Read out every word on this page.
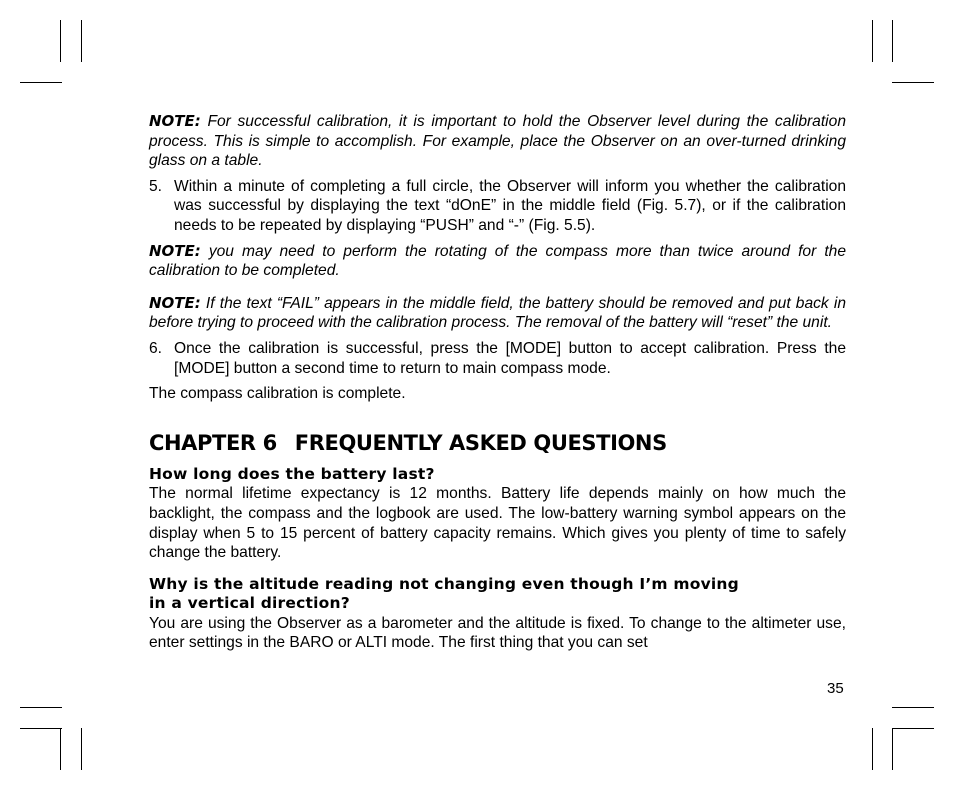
NOTE: For successful calibration, it is important to hold the Observer level during the calibration process. This is simple to accomplish. For example, place the Observer on an over-turned drinking glass on a table.

5. Within a minute of completing a full circle, the Observer will inform you whether the calibration was successful by displaying the text “dOnE” in the middle field (Fig. 5.7), or if the calibration needs to be repeated by displaying “PUSH” and “-” (Fig. 5.5).

NOTE: you may need to perform the rotating of the compass more than twice around for the calibration to be completed.

NOTE: If the text “FAIL” appears in the middle field, the battery should be removed and put back in before trying to proceed with the calibration process. The removal of the battery will “reset” the unit.

6. Once the calibration is successful, press the [MODE] button to accept calibration. Press the [MODE] button a second time to return to main compass mode.

The compass calibration is complete.

CHAPTER 6 FREQUENTLY ASKED QUESTIONS
How long does the battery last?

The normal lifetime expectancy is 12 months. Battery life depends mainly on how much the backlight, the compass and the logbook are used. The low-battery warning symbol appears on the display when 5 to 15 percent of battery capacity remains. Which gives you plenty of time to safely change the battery.

Why is the altitude reading not changing even though I’m moving
in a vertical direction?

You are using the Observer as a barometer and the altitude is fixed. To change to the altimeter use, enter settings in the BARO or ALTI mode. The first thing that you can set

35
